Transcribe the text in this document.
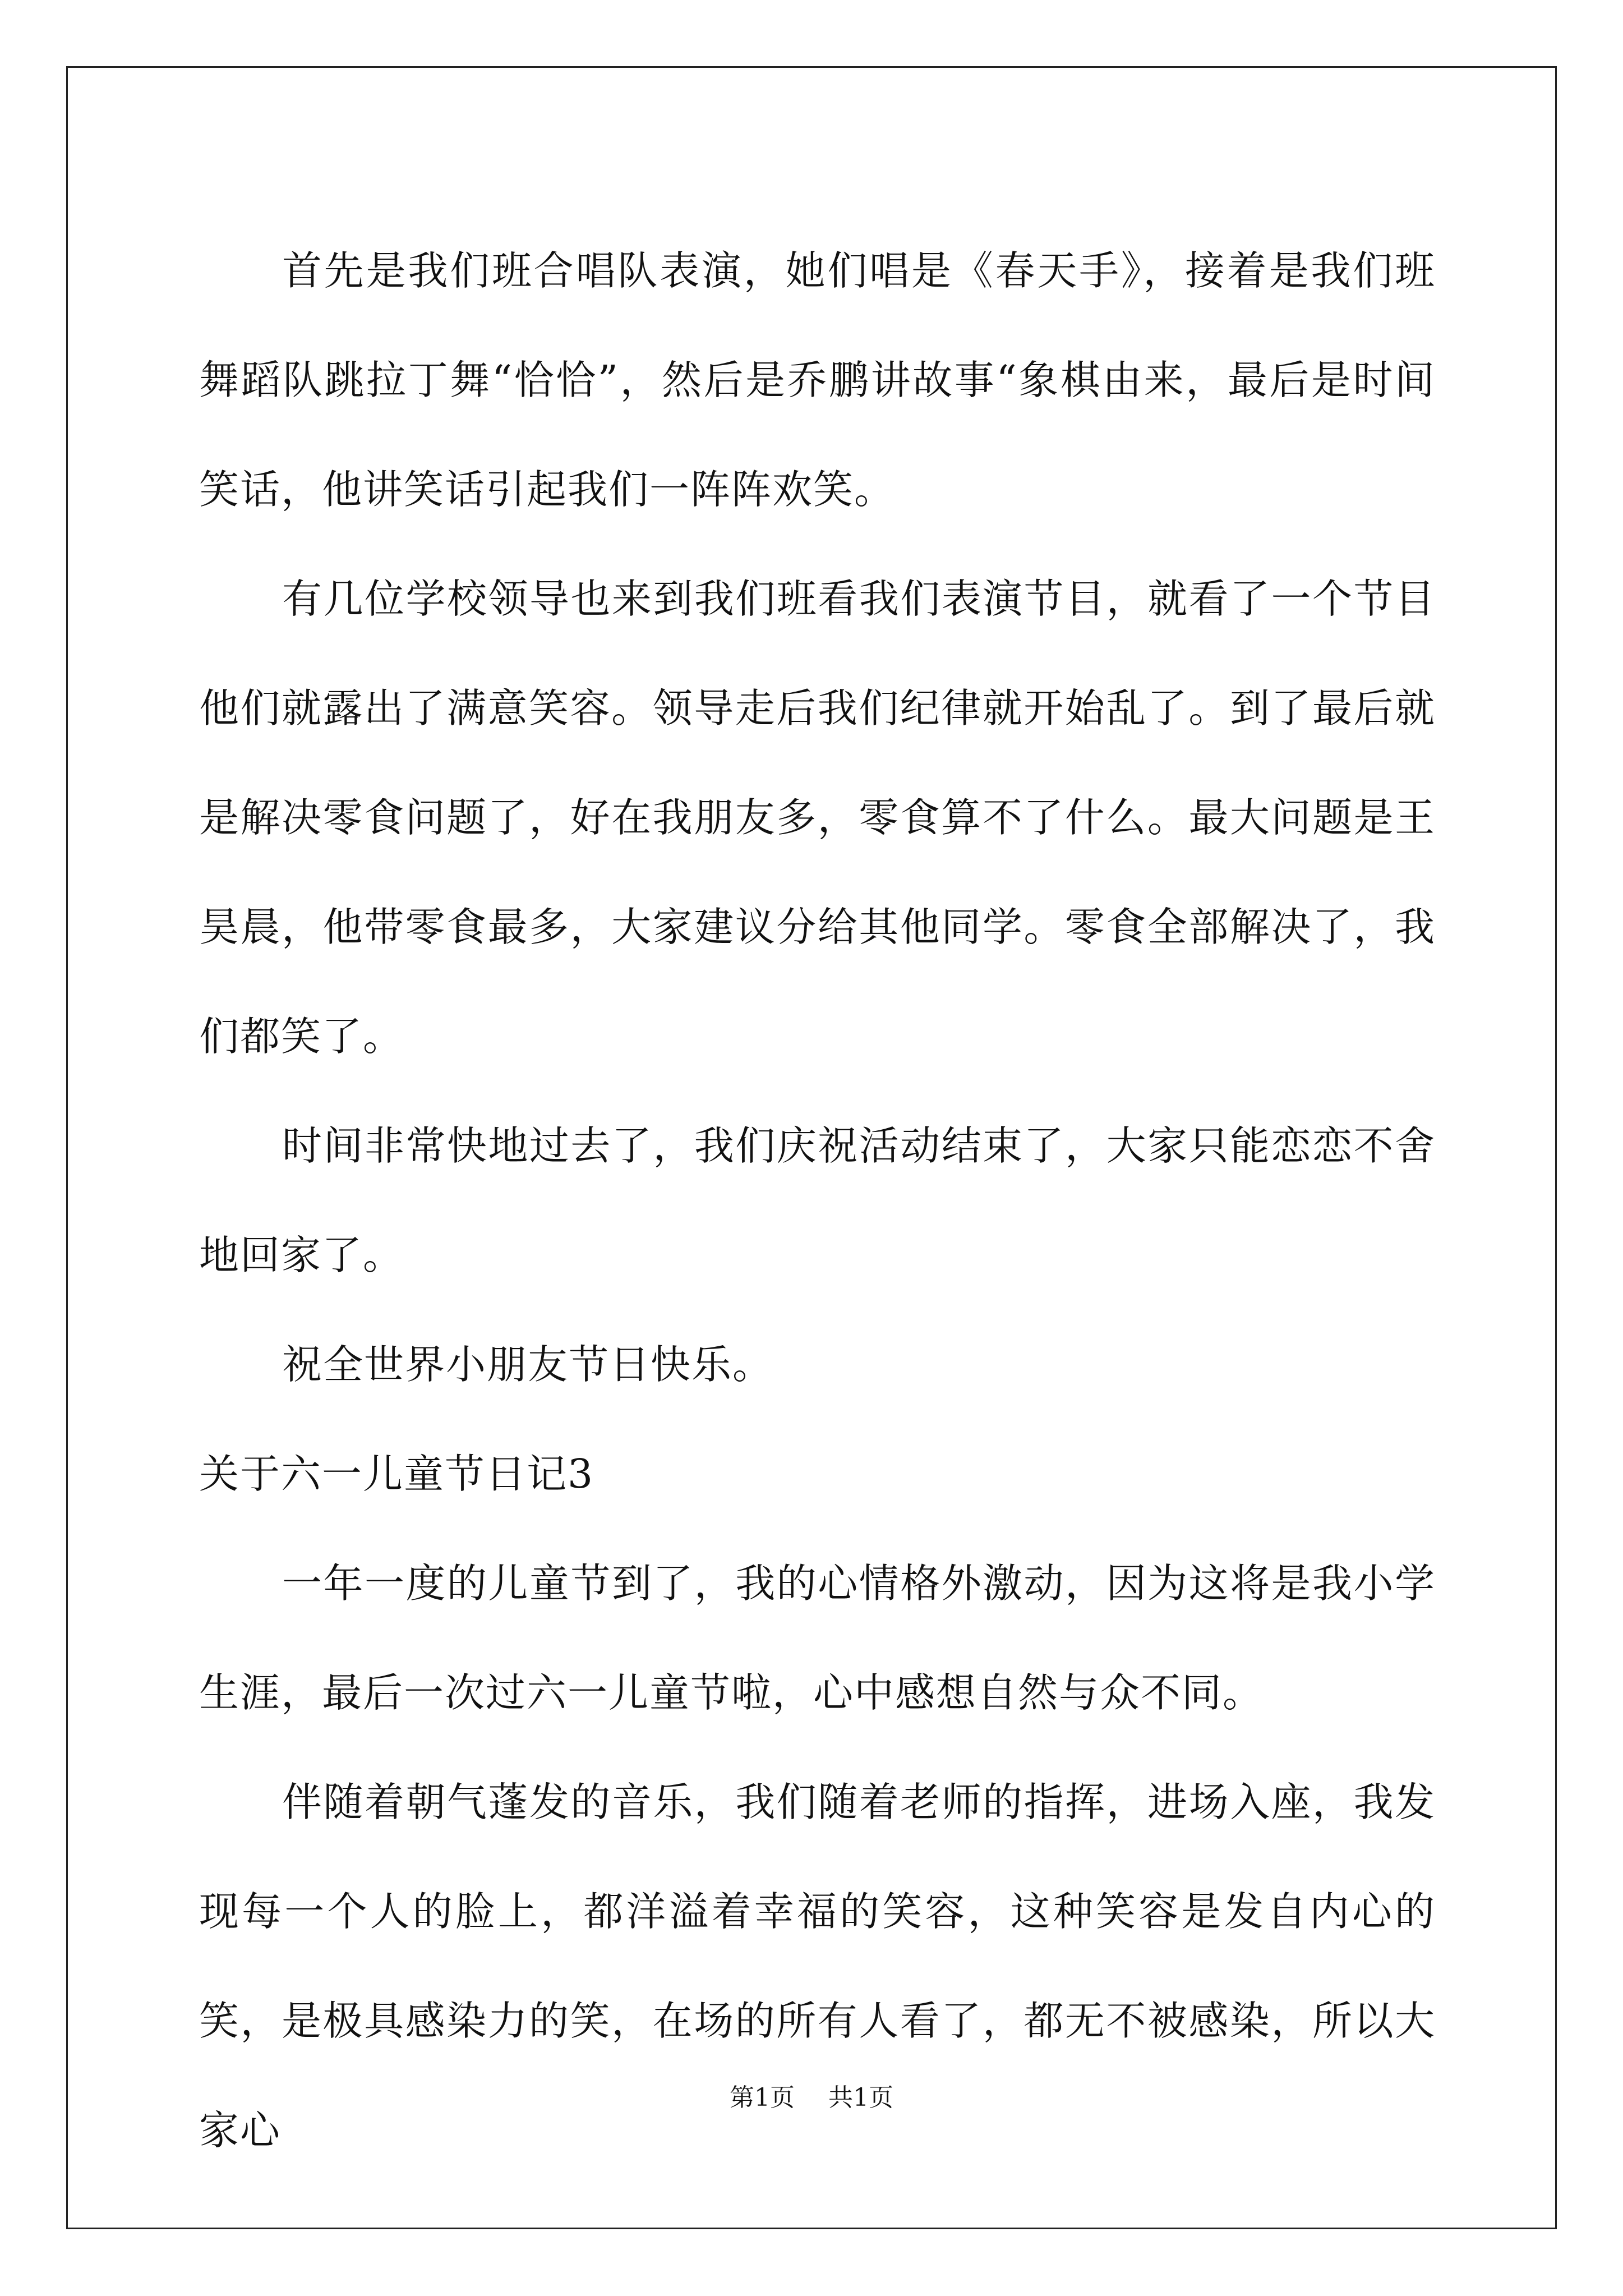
首先是我们班合唱队表演，她们唱是《春天手》，接着是我们班舞蹈队跳拉丁舞“恰恰”，然后是乔鹏讲故事“象棋由来，最后是时间笑话，他讲笑话引起我们一阵阵欢笑。

有几位学校领导也来到我们班看我们表演节目，就看了一个节目他们就露出了满意笑容。领导走后我们纪律就开始乱了。到了最后就是解决零食问题了，好在我朋友多，零食算不了什么。最大问题是王昊晨，他带零食最多，大家建议分给其他同学。零食全部解决了，我们都笑了。

时间非常快地过去了，我们庆祝活动结束了，大家只能恋恋不舍地回家了。

祝全世界小朋友节日快乐。

关于六一儿童节日记3

一年一度的儿童节到了，我的心情格外激动，因为这将是我小学生涯，最后一次过六一儿童节啦，心中感想自然与众不同。

伴随着朝气蓬发的音乐，我们随着老师的指挥，进场入座，我发现每一个人的脸上，都洋溢着幸福的笑容，这种笑容是发自内心的笑，是极具感染力的笑，在场的所有人看了，都无不被感染，所以大家心

第1页 共1页
